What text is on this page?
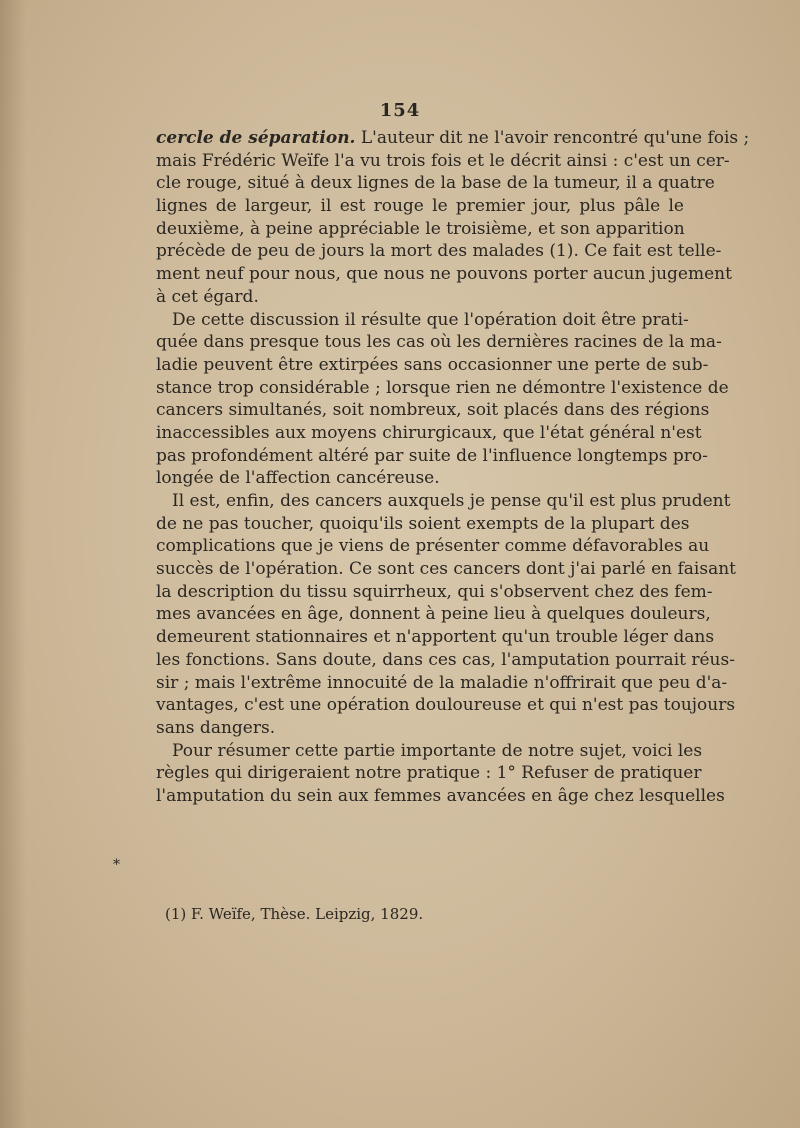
154
cercle de séparation. L'auteur dit ne l'avoir rencontré qu'une fois ;
mais Frédéric Weïfe l'a vu trois fois et le décrit ainsi : c'est un cer-
cle rouge, situé à deux lignes de la base de la tumeur, il a quatre
lignes de largeur, il est rouge le premier jour, plus pâle le
deuxième, à peine appréciable le troisième, et son apparition
précède de peu de jours la mort des malades (1). Ce fait est telle-
ment neuf pour nous, que nous ne pouvons porter aucun jugement
à cet égard.
De cette discussion il résulte que l'opération doit être prati-
quée dans presque tous les cas où les dernières racines de la ma-
ladie peuvent être extirpées sans occasionner une perte de sub-
stance trop considérable ; lorsque rien ne démontre l'existence de
cancers simultanés, soit nombreux, soit placés dans des régions
inaccessibles aux moyens chirurgicaux, que l'état général n'est
pas profondément altéré par suite de l'influence longtemps pro-
longée de l'affection cancéreuse.
Il est, enfin, des cancers auxquels je pense qu'il est plus prudent
de ne pas toucher, quoiqu'ils soient exempts de la plupart des
complications que je viens de présenter comme défavorables au
succès de l'opération. Ce sont ces cancers dont j'ai parlé en faisant
la description du tissu squirrheux, qui s'observent chez des fem-
mes avancées en âge, donnent à peine lieu à quelques douleurs,
demeurent stationnaires et n'apportent qu'un trouble léger dans
les fonctions. Sans doute, dans ces cas, l'amputation pourrait réus-
sir ; mais l'extrême innocuité de la maladie n'offrirait que peu d'a-
vantages, c'est une opération douloureuse et qui n'est pas toujours
sans dangers.
Pour résumer cette partie importante de notre sujet, voici les
règles qui dirigeraient notre pratique : 1° Refuser de pratiquer
l'amputation du sein aux femmes avancées en âge chez lesquelles
*
(1) F. Weïfe, Thèse. Leipzig, 1829.
